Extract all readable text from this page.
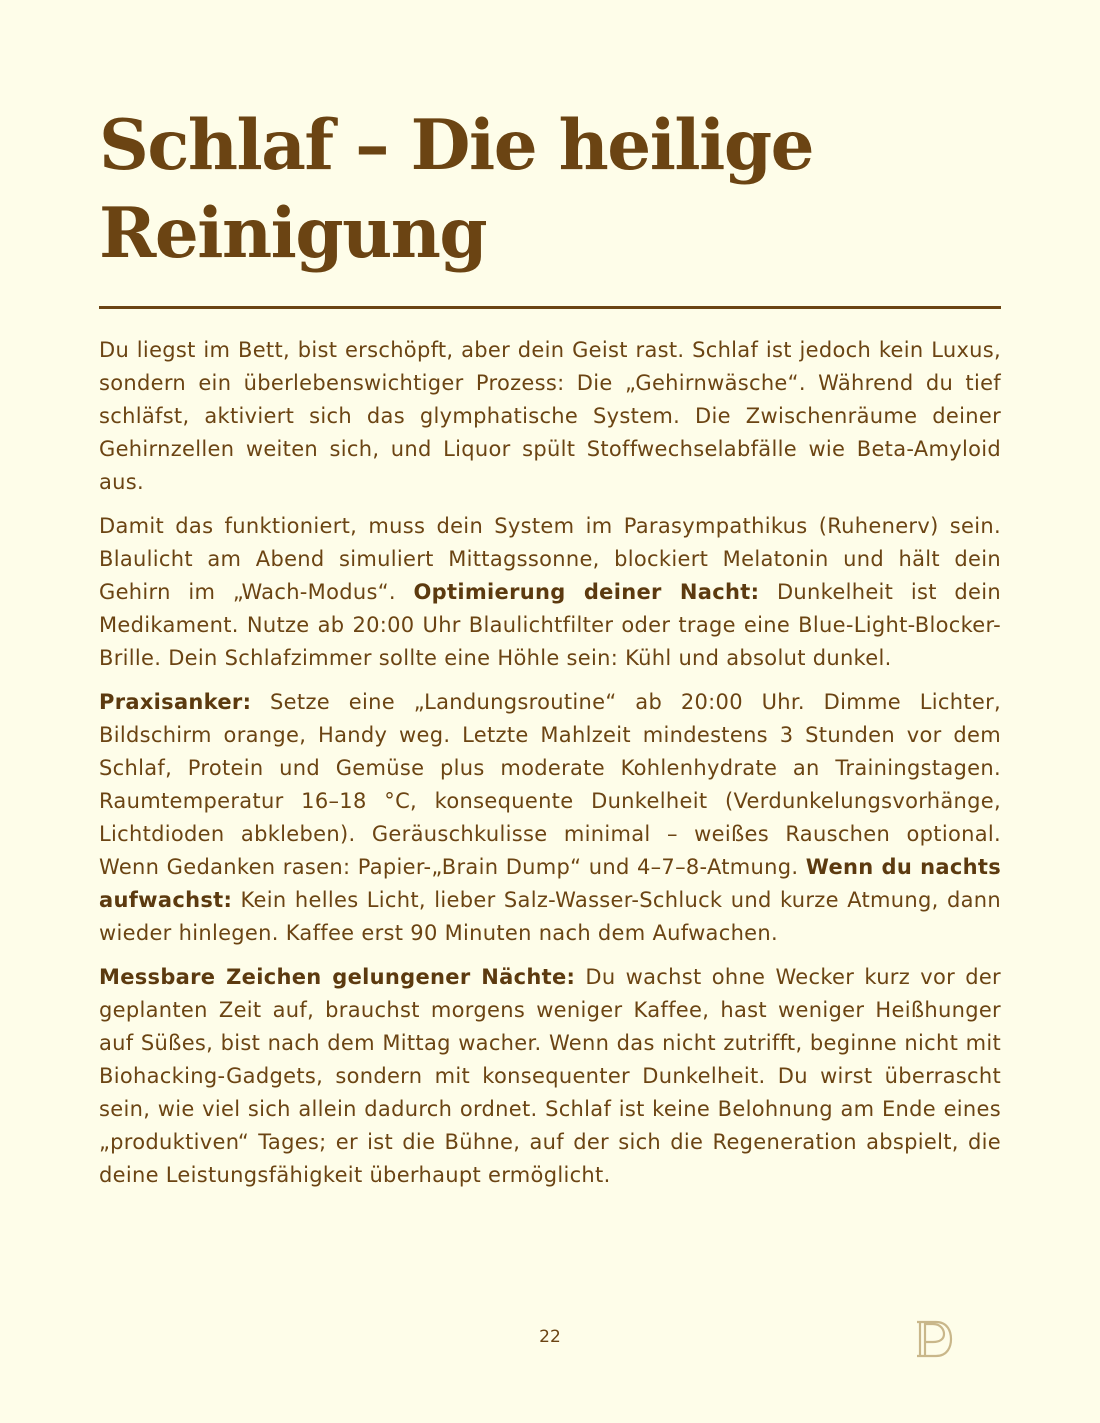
Schlaf – Die heilige Reinigung

Du liegst im Bett, bist erschöpft, aber dein Geist rast. Schlaf ist jedoch kein Luxus, sondern ein überlebenswichtiger Prozess: Die „Gehirnwäsche“. Während du tief schläfst, aktiviert sich das glymphatische System. Die Zwischenräume deiner Gehirnzellen weiten sich, und Liquor spült Stoffwechselabfälle wie Beta-Amyloid aus.

Damit das funktioniert, muss dein System im Parasympathikus (Ruhenerv) sein. Blaulicht am Abend simuliert Mittagssonne, blockiert Melatonin und hält dein Gehirn im „Wach-Modus“. Optimierung deiner Nacht: Dunkelheit ist dein Medikament. Nutze ab 20:00 Uhr Blaulichtfilter oder trage eine Blue-Light-Blocker-Brille. Dein Schlafzimmer sollte eine Höhle sein: Kühl und absolut dunkel.

Praxisanker: Setze eine „Landungsroutine“ ab 20:00 Uhr. Dimme Lichter, Bildschirm orange, Handy weg. Letzte Mahlzeit mindestens 3 Stunden vor dem Schlaf, Protein und Gemüse plus moderate Kohlenhydrate an Trainingstagen. Raumtemperatur 16–18 °C, konsequente Dunkelheit (Verdunkelungsvorhänge, Lichtdioden abkleben). Geräuschkulisse minimal – weißes Rauschen optional. Wenn Gedanken rasen: Papier-„Brain Dump“ und 4–7–8-Atmung. Wenn du nachts aufwachst: Kein helles Licht, lieber Salz-Wasser-Schluck und kurze Atmung, dann wieder hinlegen. Kaffee erst 90 Minuten nach dem Aufwachen.

Messbare Zeichen gelungener Nächte: Du wachst ohne Wecker kurz vor der geplanten Zeit auf, brauchst morgens weniger Kaffee, hast weniger Heißhunger auf Süßes, bist nach dem Mittag wacher. Wenn das nicht zutrifft, beginne nicht mit Biohacking-Gadgets, sondern mit konsequenter Dunkelheit. Du wirst überrascht sein, wie viel sich allein dadurch ordnet. Schlaf ist keine Belohnung am Ende eines „produktiven“ Tages; er ist die Bühne, auf der sich die Regeneration abspielt, die deine Leistungsfähigkeit überhaupt ermöglicht.

22
